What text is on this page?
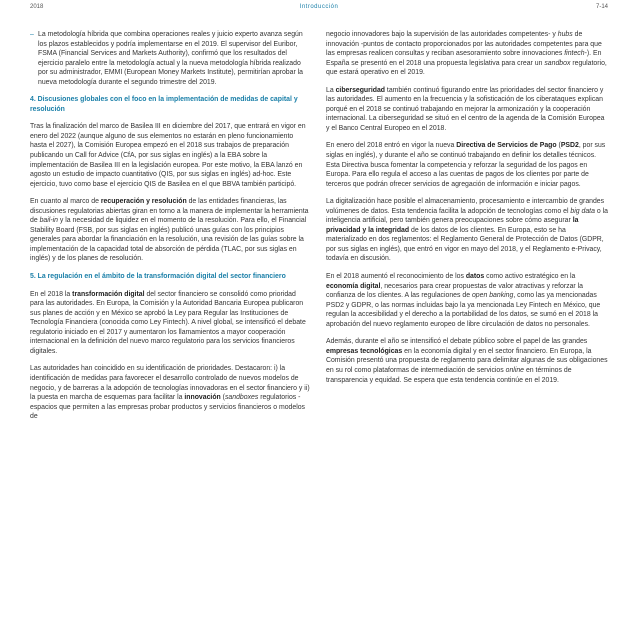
2018	Introducción	7-14
– La metodología híbrida que combina operaciones reales y juicio experto avanza según los plazos establecidos y podría implementarse en el 2019. El supervisor del Euribor, FSMA (Financial Services and Markets Authority), confirmó que los resultados del ejercicio paralelo entre la metodología actual y la nueva metodología híbrida realizado por su administrador, EMMI (European Money Markets Institute), permitirían aprobar la nueva metodología durante el segundo trimestre del 2019.

4. Discusiones globales con el foco en la implementación de medidas de capital y resolución

Tras la finalización del marco de Basilea III en diciembre del 2017, que entrará en vigor en enero del 2022 (aunque alguno de sus elementos no estarán en pleno funcionamiento hasta el 2027), la Comisión Europea empezó en el 2018 sus trabajos de preparación publicando un Call for Advice (CfA, por sus siglas en inglés) a la EBA sobre la implementación de Basilea III en la legislación europea. Por este motivo, la EBA lanzó en agosto un estudio de impacto cuantitativo (QIS, por sus siglas en inglés) ad-hoc. Este ejercicio, tuvo como base el ejercicio QIS de Basilea en el que BBVA también participó.

En cuanto al marco de recuperación y resolución de las entidades financieras, las discusiones regulatorias abiertas giran en torno a la manera de implementar la herramienta de bail-in y la necesidad de liquidez en el momento de la resolución. Para ello, el Financial Stability Board (FSB, por sus siglas en inglés) publicó unas guías con los principios generales para abordar la financiación en la resolución, una revisión de las guías sobre la implementación de la capacidad total de absorción de pérdida (TLAC, por sus siglas en inglés) y de los planes de resolución.

5. La regulación en el ámbito de la transformación digital del sector financiero

En el 2018 la transformación digital del sector financiero se consolidó como prioridad para las autoridades. En Europa, la Comisión y la Autoridad Bancaria Europea publicaron sus planes de acción y en México se aprobó la Ley para Regular las Instituciones de Tecnología Financiera (conocida como Ley Fintech). A nivel global, se intensificó el debate regulatorio iniciado en el 2017 y aumentaron los llamamientos a mayor cooperación internacional en la definición del nuevo marco regulatorio para los servicios financieros digitales.

Las autoridades han coincidido en su identificación de prioridades. Destacaron: i) la identificación de medidas para favorecer el desarrollo controlado de nuevos modelos de negocio, y de barreras a la adopción de tecnologías innovadoras en el sector financiero y ii) la puesta en marcha de esquemas para facilitar la innovación (sandboxes regulatorios -espacios que permiten a las empresas probar productos y servicios financieros o modelos de

negocio innovadores bajo la supervisión de las autoridades competentes- y hubs de innovación -puntos de contacto proporcionados por las autoridades competentes para que las empresas realicen consultas y reciban asesoramiento sobre innovaciones fintech-). En España se presentó en el 2018 una propuesta legislativa para crear un sandbox regulatorio, que estará operativo en el 2019.

La ciberseguridad también continuó figurando entre las prioridades del sector financiero y las autoridades. El aumento en la frecuencia y la sofisticación de los ciberataques explican porqué en el 2018 se continuó trabajando en mejorar la armonización y la cooperación internacional. La ciberseguridad se situó en el centro de la agenda de la Comisión Europea y el Banco Central Europeo en el 2018.

En enero del 2018 entró en vigor la nueva Directiva de Servicios de Pago (PSD2, por sus siglas en inglés), y durante el año se continuó trabajando en definir los detalles técnicos. Esta Directiva busca fomentar la competencia y reforzar la seguridad de los pagos en Europa. Para ello regula el acceso a las cuentas de pagos de los clientes por parte de terceros que podrán ofrecer servicios de agregación de información e iniciar pagos.

La digitalización hace posible el almacenamiento, procesamiento e intercambio de grandes volúmenes de datos. Esta tendencia facilita la adopción de tecnologías como el big data o la inteligencia artificial, pero también genera preocupaciones sobre cómo asegurar la privacidad y la integridad de los datos de los clientes. En Europa, esto se ha materializado en dos reglamentos: el Reglamento General de Protección de Datos (GDPR, por sus siglas en inglés), que entró en vigor en mayo del 2018, y el Reglamento e-Privacy, todavía en discusión.

En el 2018 aumentó el reconocimiento de los datos como activo estratégico en la economía digital, necesarios para crear propuestas de valor atractivas y reforzar la confianza de los clientes. A las regulaciones de open banking, como las ya mencionadas PSD2 y GDPR, o las normas incluidas bajo la ya mencionada Ley Fintech en México, que regulan la accesibilidad y el derecho a la portabilidad de los datos, se sumó en el 2018 la aprobación del nuevo reglamento europeo de libre circulación de datos no personales.

Además, durante el año se intensificó el debate público sobre el papel de las grandes empresas tecnológicas en la economía digital y en el sector financiero. En Europa, la Comisión presentó una propuesta de reglamento para delimitar algunas de sus obligaciones en su rol como plataformas de intermediación de servicios online en términos de transparencia y equidad. Se espera que esta tendencia continúe en el 2019.
